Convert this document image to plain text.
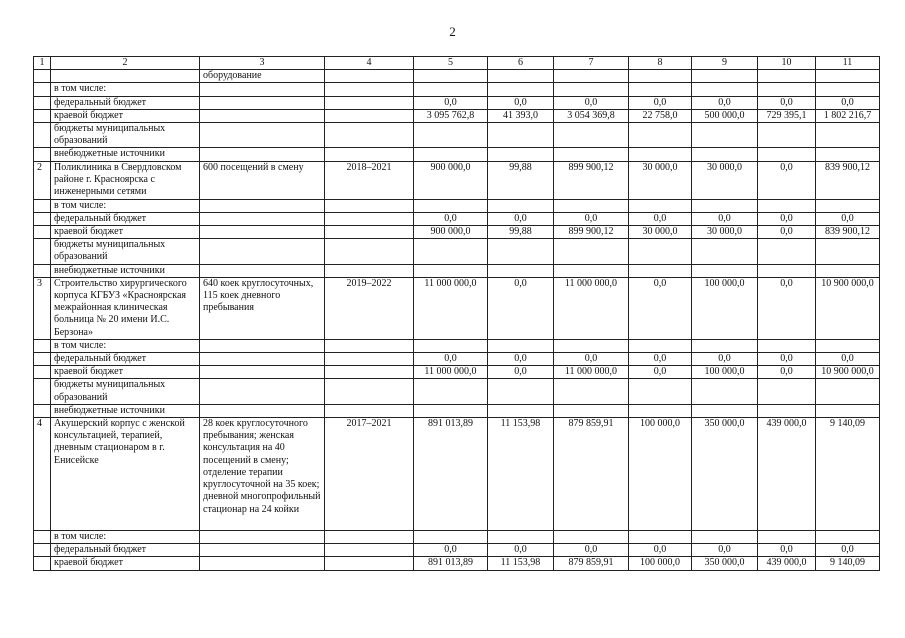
2
1	2	3	4	5	6	7	8	9	10	11
		оборудование								
	в том числе:									
	федеральный бюджет			0,0	0,0	0,0	0,0	0,0	0,0	0,0
	краевой бюджет			3 095 762,8	41 393,0	3 054 369,8	22 758,0	500 000,0	729 395,1	1 802 216,7
	бюджеты муниципальных образований									
	внебюджетные источники									
2	Поликлиника в Свердловском районе г. Красноярска с инженерными сетями	600 посещений в смену	2018–2021	900 000,0	99,88	899 900,12	30 000,0	30 000,0	0,0	839 900,12
	в том числе:									
	федеральный бюджет			0,0	0,0	0,0	0,0	0,0	0,0	0,0
	краевой бюджет			900 000,0	99,88	899 900,12	30 000,0	30 000,0	0,0	839 900,12
	бюджеты муниципальных образований									
	внебюджетные источники									
3	Строительство хирургического корпуса КГБУЗ «Красноярская межрайонная клиническая больница № 20 имени И.С. Берзона»	640 коек круглосуточных, 115 коек дневного пребывания	2019–2022	11 000 000,0	0,0	11 000 000,0	0,0	100 000,0	0,0	10 900 000,0
	в том числе:									
	федеральный бюджет			0,0	0,0	0,0	0,0	0,0	0,0	0,0
	краевой бюджет			11 000 000,0	0,0	11 000 000,0	0,0	100 000,0	0,0	10 900 000,0
	бюджеты муниципальных образований									
	внебюджетные источники									
4	Акушерский корпус с женской консультацией, терапией, дневным стационаром в г. Енисейске	28 коек круглосуточного пребывания; женская консультация на 40 посещений в смену; отделение терапии круглосуточной на 35 коек; дневной многопрофильный стационар на 24 койки	2017–2021	891 013,89	11 153,98	879 859,91	100 000,0	350 000,0	439 000,0	9 140,09
	в том числе:									
	федеральный бюджет			0,0	0,0	0,0	0,0	0,0	0,0	0,0
	краевой бюджет			891 013,89	11 153,98	879 859,91	100 000,0	350 000,0	439 000,0	9 140,09
